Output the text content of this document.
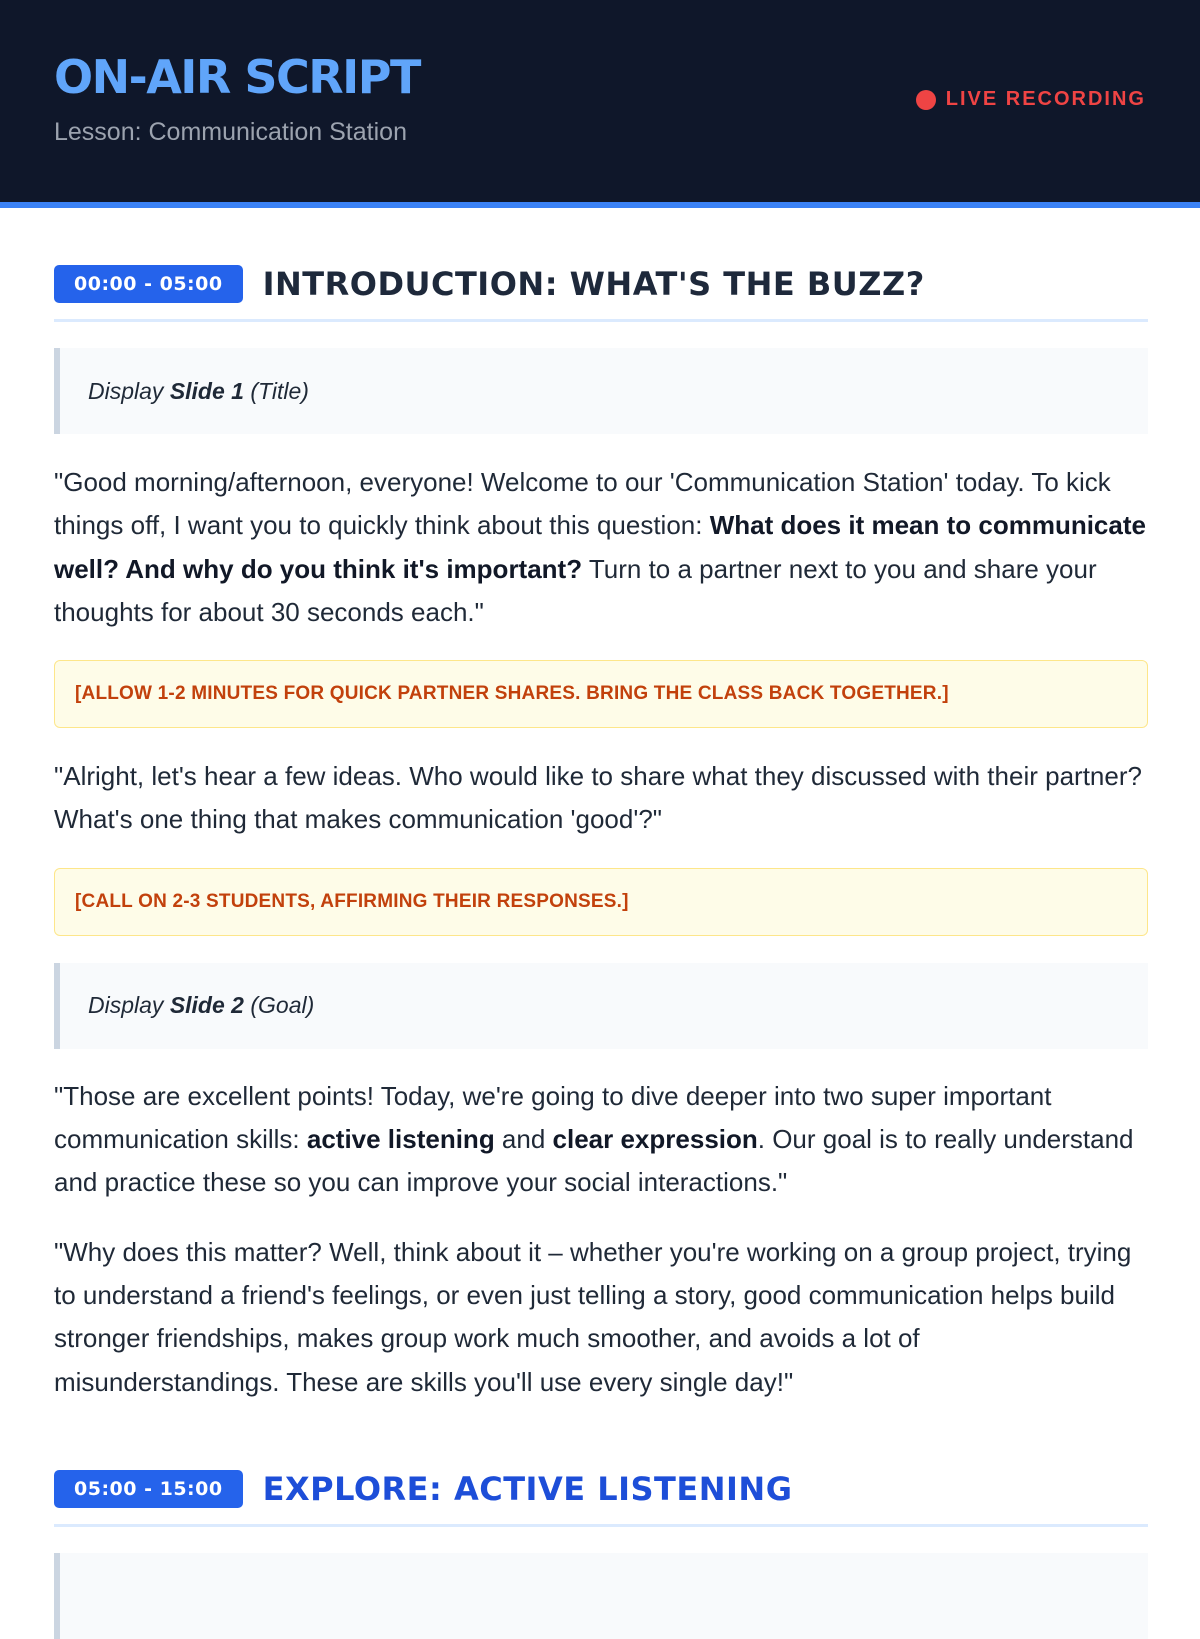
ON-AIR SCRIPT
Lesson: Communication Station
LIVE RECORDING
00:00 - 05:00	INTRODUCTION: WHAT'S THE BUZZ?
Display
Slide 1
(Title)

"Good morning/afternoon, everyone! Welcome to our 'Communication Station' today. To kick things off, I want you to quickly think about this question: What does it mean to communicate well? And why do you think it's important? Turn to a partner next to you and share your thoughts for about 30 seconds each."

[ALLOW 1-2 MINUTES FOR QUICK PARTNER SHARES. BRING THE CLASS BACK TOGETHER.]

"Alright, let's hear a few ideas. Who would like to share what they discussed with their partner? What's one thing that makes communication 'good'?"

[CALL ON 2-3 STUDENTS, AFFIRMING THEIR RESPONSES.]
Display
Slide 2
(Goal)

"Those are excellent points! Today, we're going to dive deeper into two super important communication skills: active listening and clear expression. Our goal is to really understand and practice these so you can improve your social interactions."

"Why does this matter? Well, think about it – whether you're working on a group project, trying to understand a friend's feelings, or even just telling a story, good communication helps build stronger friendships, makes group work much smoother, and avoids a lot of misunderstandings. These are skills you'll use every single day!"

05:00 - 15:00	EXPLORE: ACTIVE LISTENING
